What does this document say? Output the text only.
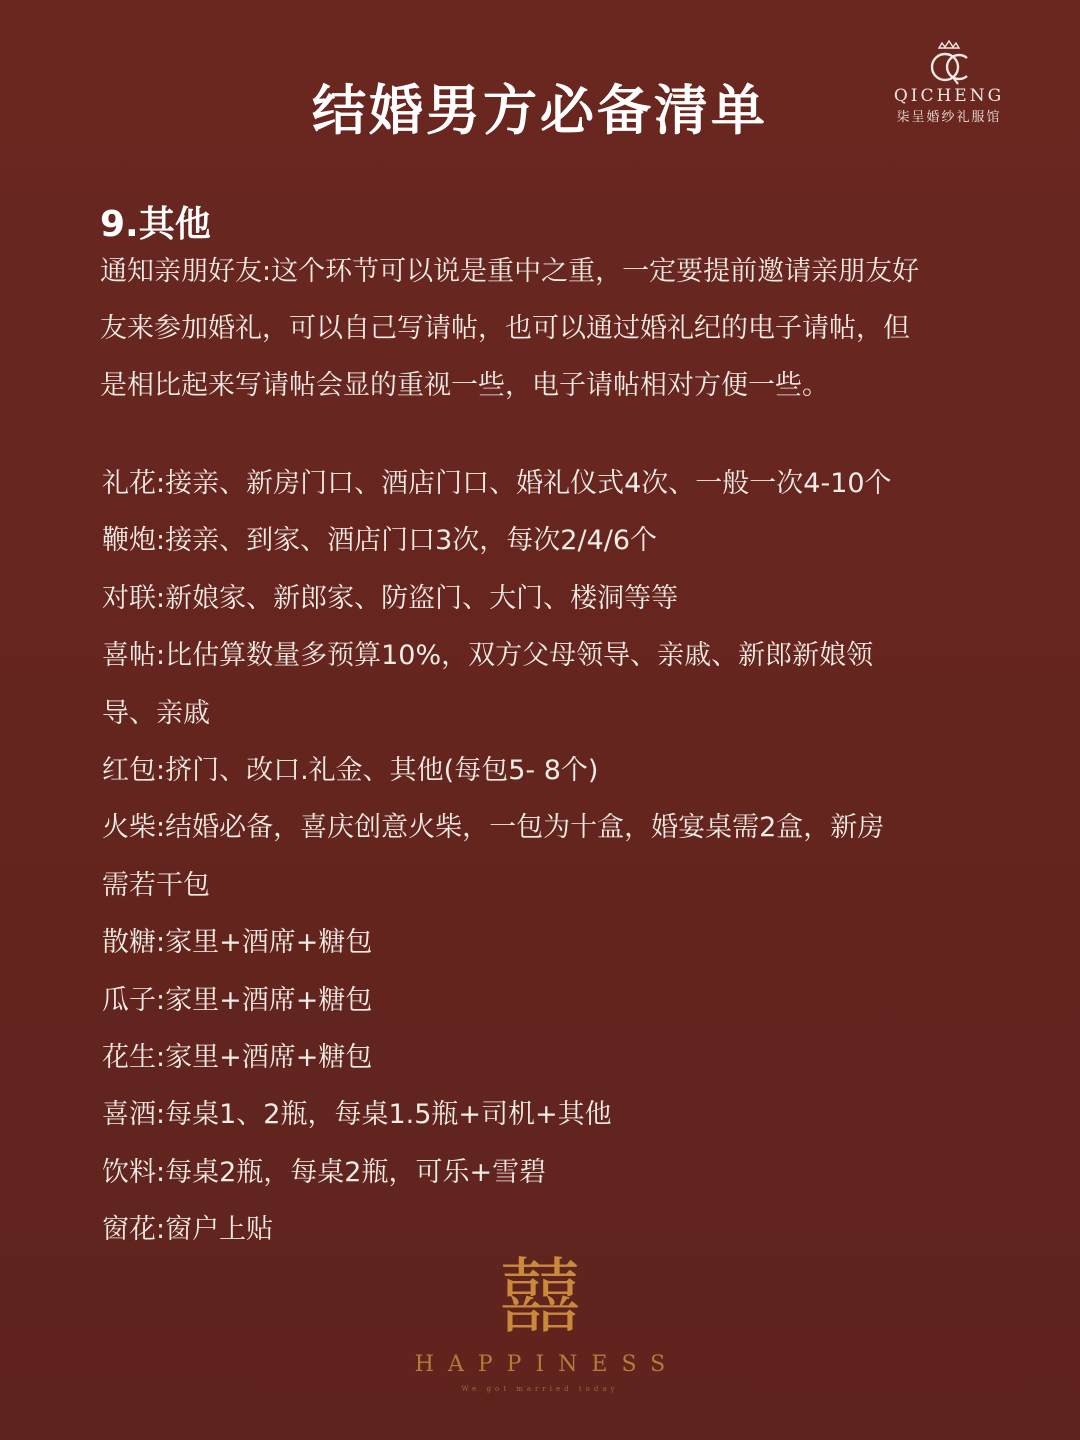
结婚男方必备清单	QICHENG
柒呈婚纱礼服馆
9.其他
通知亲朋好友:这个环节可以说是重中之重，一定要提前邀请亲朋友好
友来参加婚礼，可以自己写请帖，也可以通过婚礼纪的电子请帖，但
是相比起来写请帖会显的重视一些，电子请帖相对方便一些。
礼花:接亲、新房门口、酒店门口、婚礼仪式4次、一般一次4-10个
鞭炮:接亲、到家、酒店门口3次，每次2/4/6个
对联:新娘家、新郎家、防盗门、大门、楼洞等等
喜帖:比估算数量多预算10%，双方父母领导、亲戚、新郎新娘领
导、亲戚
红包:挤门、改口.礼金、其他(每包5- 8个)
火柴:结婚必备，喜庆创意火柴，一包为十盒，婚宴桌需2盒，新房
需若干包
散糖:家里+酒席+糖包
瓜子:家里+酒席+糖包
花生:家里+酒席+糖包
喜酒:每桌1、2瓶，每桌1.5瓶+司机+其他
饮料:每桌2瓶，每桌2瓶，可乐+雪碧
窗花:窗户上贴
囍
HAPPINESS
We got married today
